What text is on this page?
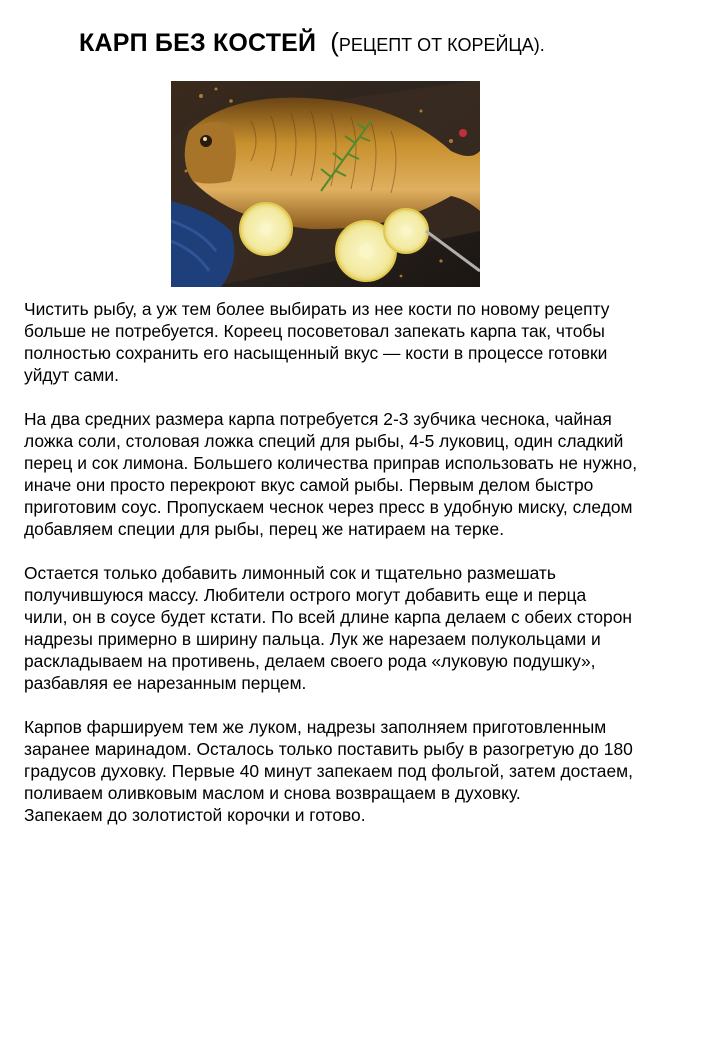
КАРП БЕЗ КОСТЕЙ (РЕЦЕПТ ОТ КОРЕЙЦА).
Чистить рыбу, а уж тем более выбирать из нее кости по новому рецепту
больше не потребуется. Кореец посоветовал запекать карпа так, чтобы
полностью сохранить его насыщенный вкус — кости в процессе готовки
уйдут сами.
На два средних размера карпа потребуется 2-3 зубчика чеснока, чайная
ложка соли, столовая ложка специй для рыбы, 4-5 луковиц, один сладкий
перец и сок лимона. Большего количества приправ использовать не нужно,
иначе они просто перекроют вкус самой рыбы. Первым делом быстро
приготовим соус. Пропускаем чеснок через пресс в удобную миску, следом
добавляем специи для рыбы, перец же натираем на терке.
Остается только добавить лимонный сок и тщательно размешать
получившуюся массу. Любители острого могут добавить еще и перца
чили, он в соусе будет кстати. По всей длине карпа делаем с обеих сторон
надрезы примерно в ширину пальца. Лук же нарезаем полукольцами и
раскладываем на противень, делаем своего рода «луковую подушку»,
разбавляя ее нарезанным перцем.
Карпов фаршируем тем же луком, надрезы заполняем приготовленным
заранее маринадом. Осталось только поставить рыбу в разогретую до 180
градусов духовку. Первые 40 минут запекаем под фольгой, затем достаем,
поливаем оливковым маслом и снова возвращаем в духовку.
Запекаем до золотистой корочки и готово.
